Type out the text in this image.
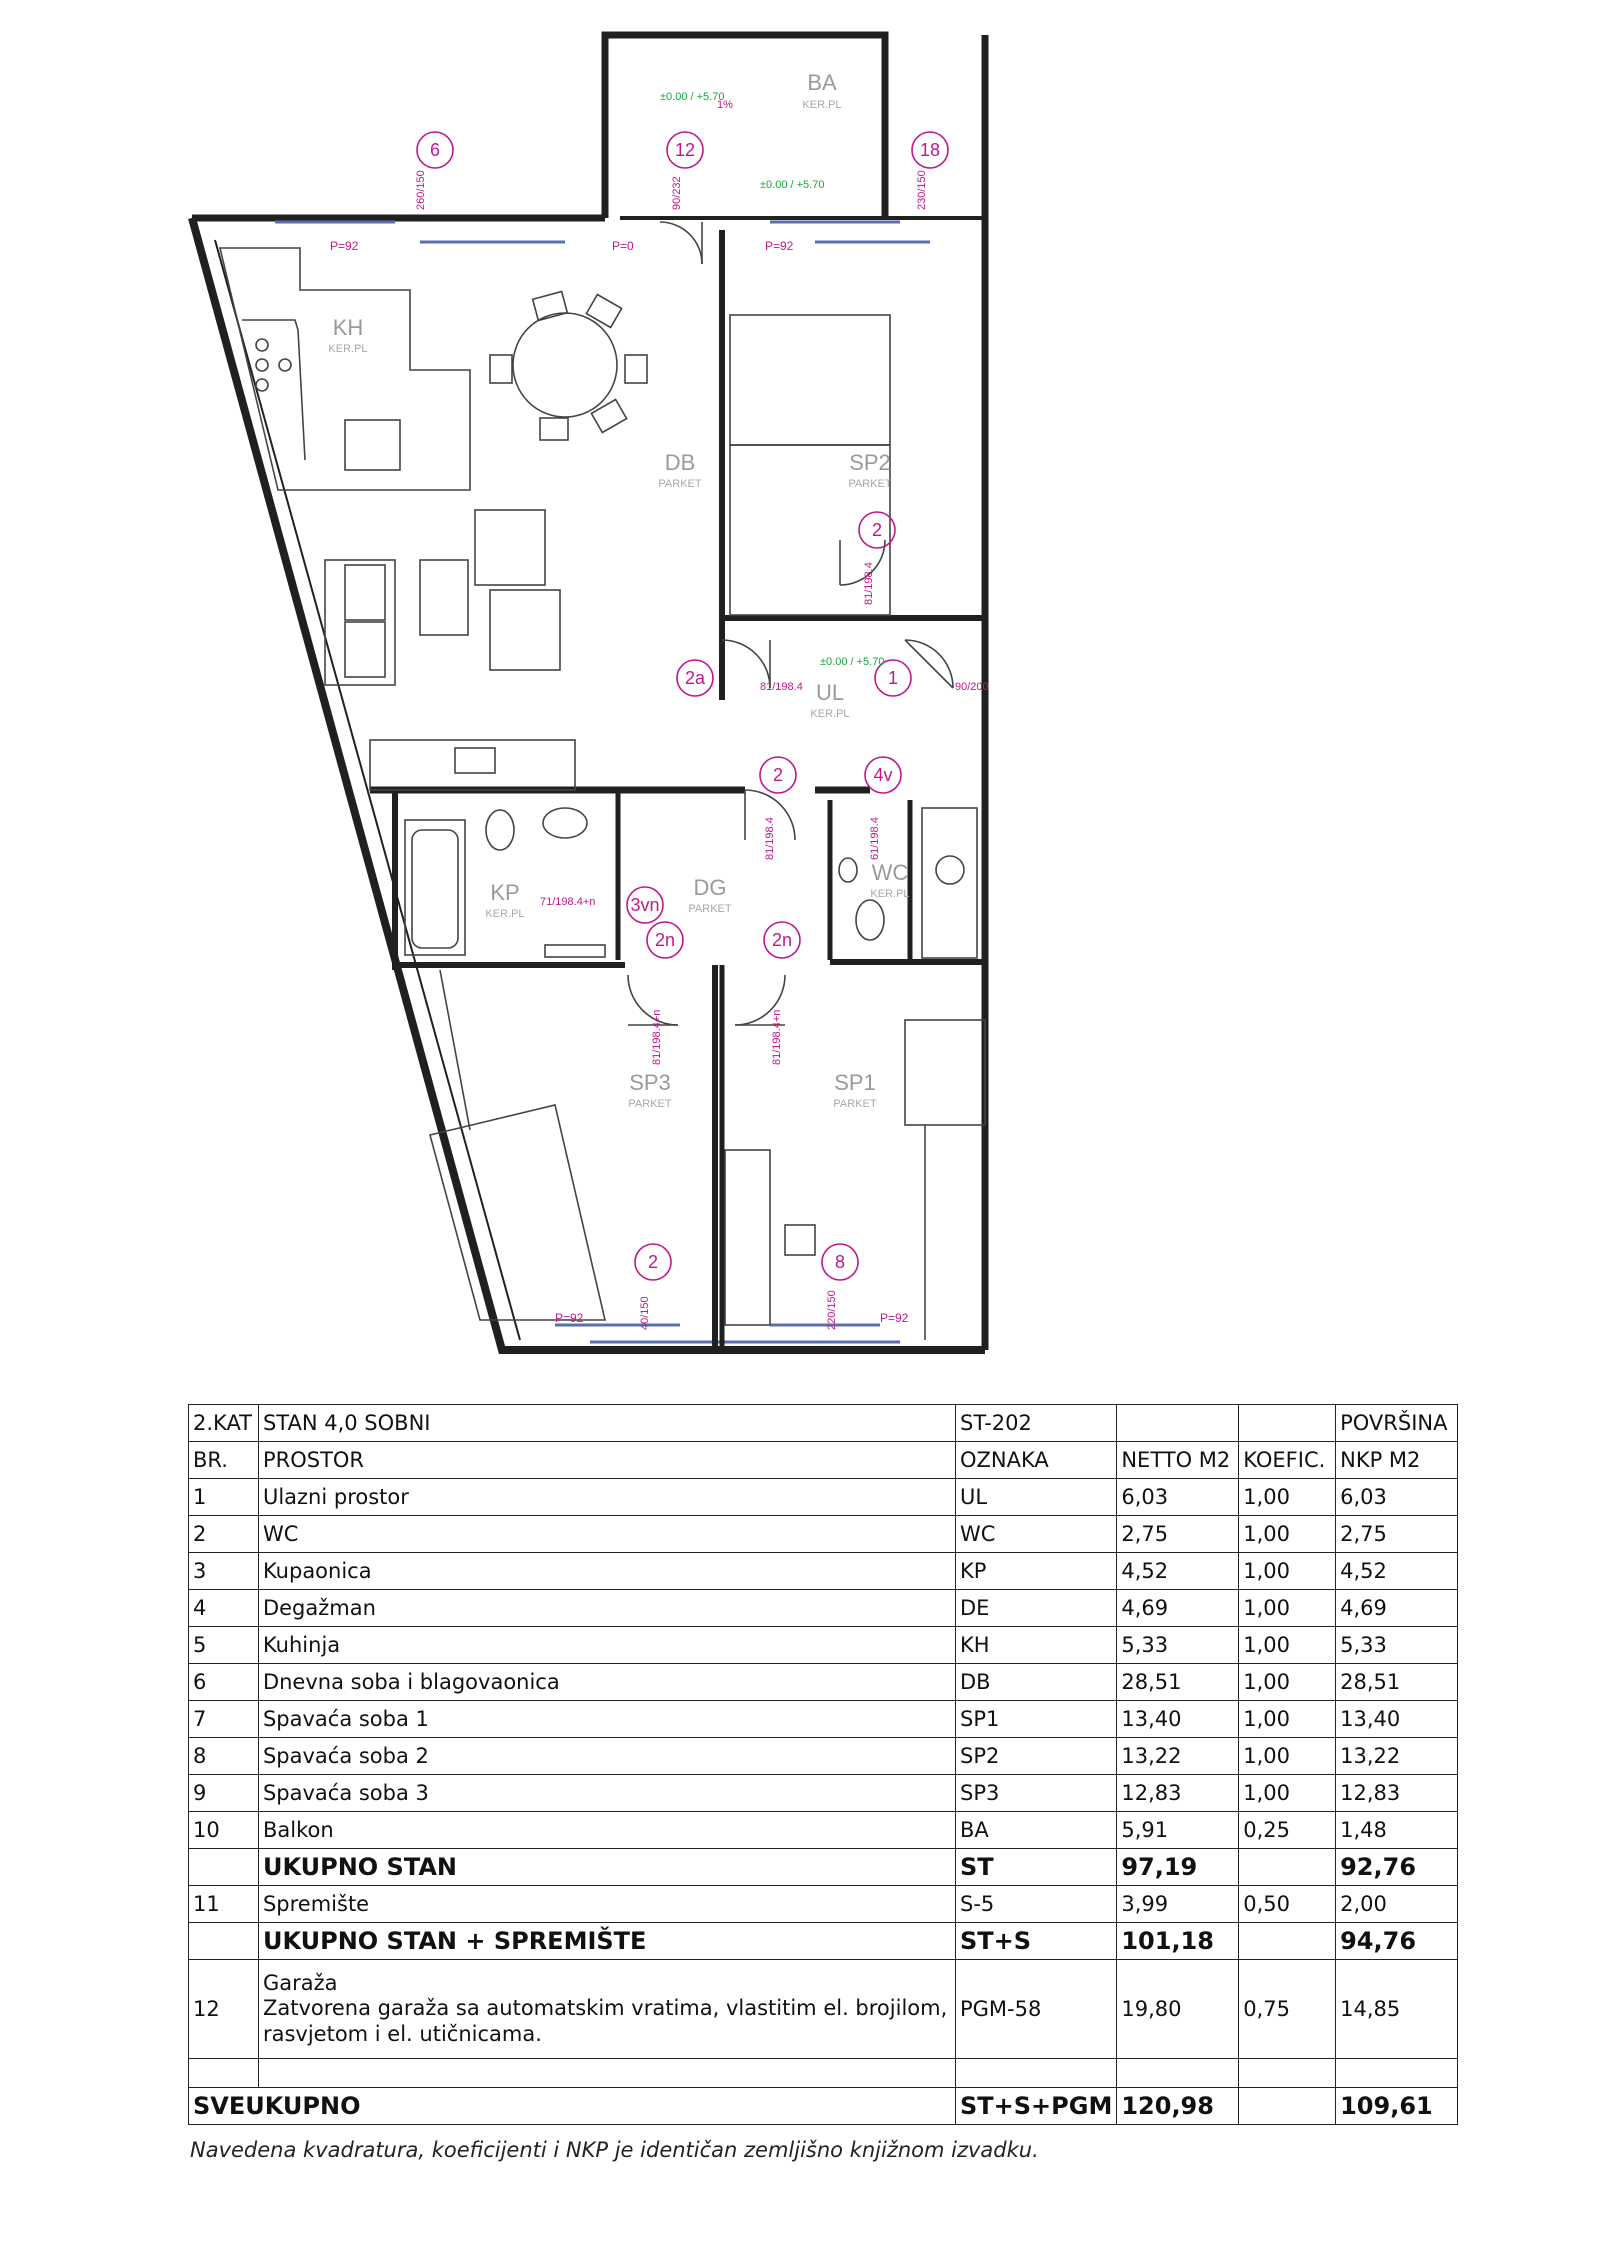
BA
KER.PL
KH
KER.PL
DB
PARKET
SP2
PARKET
UL
KER.PL
KP
KER.PL
DG
PARKET
WC
KER.PL
SP3
PARKET
SP1
PARKET
6	12	18
2
2a	1
2	4v
3vn
2n	2n
2	8
260/150	90/232	230/150
81/198.4
81/198.4	90/200
81/198.4	61/198.4
71/198.4+n
81/198.4+n	81/198.4+n
40/150	220/150
P=92	P=0	P=92
P=92	P=92
±0.00 / +5.70
±0.00 / +5.70
±0.00 / +5.70
1%
2.KAT	STAN 4,0 SOBNI	ST-202			POVRŠINA
BR.	PROSTOR	OZNAKA	NETTO M2	KOEFIC.	NKP M2
1	Ulazni prostor	UL	6,03	1,00	6,03
2	WC	WC	2,75	1,00	2,75
3	Kupaonica	KP	4,52	1,00	4,52
4	Degažman	DE	4,69	1,00	4,69
5	Kuhinja	KH	5,33	1,00	5,33
6	Dnevna soba i blagovaonica	DB	28,51	1,00	28,51
7	Spavaća soba 1	SP1	13,40	1,00	13,40
8	Spavaća soba 2	SP2	13,22	1,00	13,22
9	Spavaća soba 3	SP3	12,83	1,00	12,83
10	Balkon	BA	5,91	0,25	1,48
	UKUPNO STAN	ST	97,19		92,76
11	Spremište	S-5	3,99	0,50	2,00
	UKUPNO STAN + SPREMIŠTE	ST+S	101,18		94,76
12	Garaža
Zatvorena garaža sa automatskim vratima, vlastitim el. brojilom, rasvjetom i el. utičnicama.	PGM-58	19,80	0,75	14,85

SVEUKUPNO		ST+S+PGM	120,98		109,61
Navedena kvadratura, koeficijenti i NKP je identičan zemljišno knjižnom izvadku.
